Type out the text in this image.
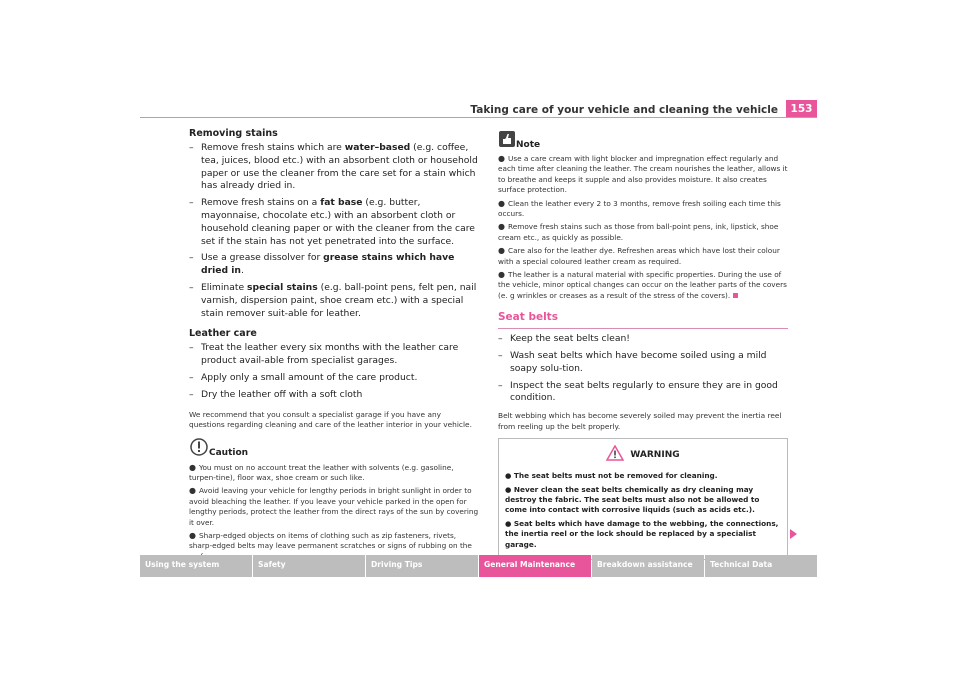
Taking care of your vehicle and cleaning the vehicle	153
Removing stains
– Remove fresh stains which are water–based (e.g. coffee, tea, juices, blood etc.) with an absorbent cloth or household paper or use the cleaner from the care set for a stain which has already dried in.
– Remove fresh stains on a fat base (e.g. butter, mayonnaise, chocolate etc.) with an absorbent cloth or household cleaning paper or with the cleaner from the care set if the stain has not yet penetrated into the surface.
– Use a grease dissolver for grease stains which have dried in.
– Eliminate special stains (e.g. ball-point pens, felt pen, nail varnish, dispersion paint, shoe cream etc.) with a special stain remover suit-able for leather.
Leather care
– Treat the leather every six months with the leather care product avail-able from specialist garages.
– Apply only a small amount of the care product.
– Dry the leather off with a soft cloth
We recommend that you consult a specialist garage if you have any questions regarding cleaning and care of the leather interior in your vehicle.
Caution
● You must on no account treat the leather with solvents (e.g. gasoline, turpen-tine), floor wax, shoe cream or such like.
● Avoid leaving your vehicle for lengthy periods in bright sunlight in order to avoid bleaching the leather. If you leave your vehicle parked in the open for lengthy periods, protect the leather from the direct rays of the sun by covering it over.
● Sharp-edged objects on items of clothing such as zip fasteners, rivets, sharp-edged belts may leave permanent scratches or signs of rubbing on the
Note
● Use a care cream with light blocker and impregnation effect regularly and each time after cleaning the leather. The cream nourishes the leather, allows it to breathe and keeps it supple and also provides moisture. It also creates surface protection.
● Clean the leather every 2 to 3 months, remove fresh soiling each time this occurs.
● Remove fresh stains such as those from ball-point pens, ink, lipstick, shoe cream etc., as quickly as possible.
● Care also for the leather dye. Refreshen areas which have lost their colour with a special coloured leather cream as required.
● The leather is a natural material with specific properties. During the use of the vehicle, minor optical changes can occur on the leather parts of the covers (e. g wrinkles or creases as a result of the stress of the covers).
Seat belts
– Keep the seat belts clean!
– Wash seat belts which have become soiled using a mild soapy solu-tion.
– Inspect the seat belts regularly to ensure they are in good condition.
Belt webbing which has become severely soiled may prevent the inertia reel from reeling up the belt properly.
WARNING
● The seat belts must not be removed for cleaning.
● Never clean the seat belts chemically as dry cleaning may destroy the fabric. The seat belts must also not be allowed to come into contact with corrosive liquids (such as acids etc.).
● Seat belts which have damage to the webbing, the connections, the inertia reel or the lock should be replaced by a specialist garage.
Using the system	Safety	Driving Tips	General Maintenance	Breakdown assistance	Technical Data
